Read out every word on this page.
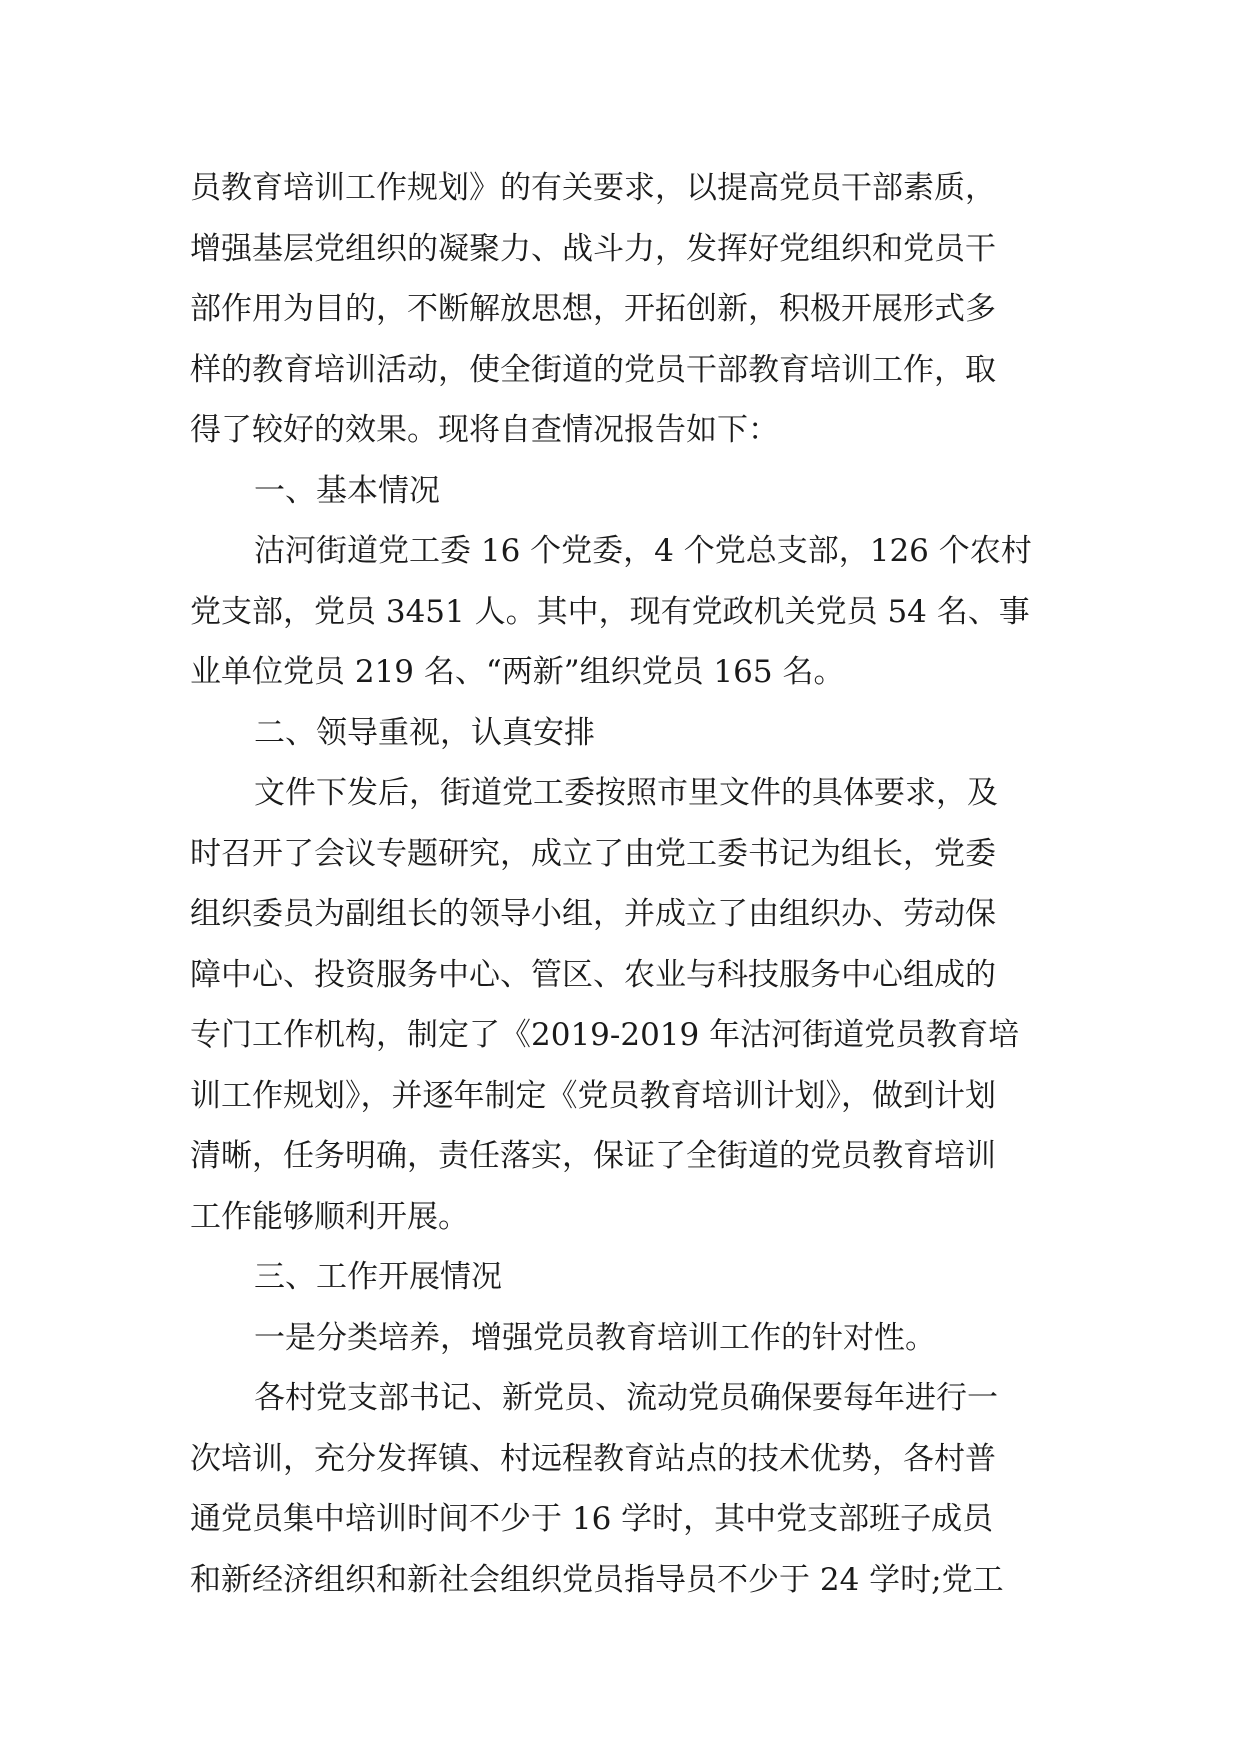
员教育培训工作规划》的有关要求，以提高党员干部素质，
增强基层党组织的凝聚力、战斗力，发挥好党组织和党员干
部作用为目的，不断解放思想，开拓创新，积极开展形式多
样的教育培训活动，使全街道的党员干部教育培训工作，取
得了较好的效果。现将自查情况报告如下：
一、基本情况
沽河街道党工委 16 个党委，4 个党总支部，126 个农村
党支部，党员 3451 人。其中，现有党政机关党员 54 名、事
业单位党员 219 名、“两新”组织党员 165 名。
二、领导重视，认真安排
文件下发后，街道党工委按照市里文件的具体要求，及
时召开了会议专题研究，成立了由党工委书记为组长，党委
组织委员为副组长的领导小组，并成立了由组织办、劳动保
障中心、投资服务中心、管区、农业与科技服务中心组成的
专门工作机构，制定了《2019-2019 年沽河街道党员教育培
训工作规划》，并逐年制定《党员教育培训计划》，做到计划
清晰，任务明确，责任落实，保证了全街道的党员教育培训
工作能够顺利开展。
三、工作开展情况
一是分类培养，增强党员教育培训工作的针对性。
各村党支部书记、新党员、流动党员确保要每年进行一
次培训，充分发挥镇、村远程教育站点的技术优势，各村普
通党员集中培训时间不少于 16 学时，其中党支部班子成员
和新经济组织和新社会组织党员指导员不少于 24 学时;党工
